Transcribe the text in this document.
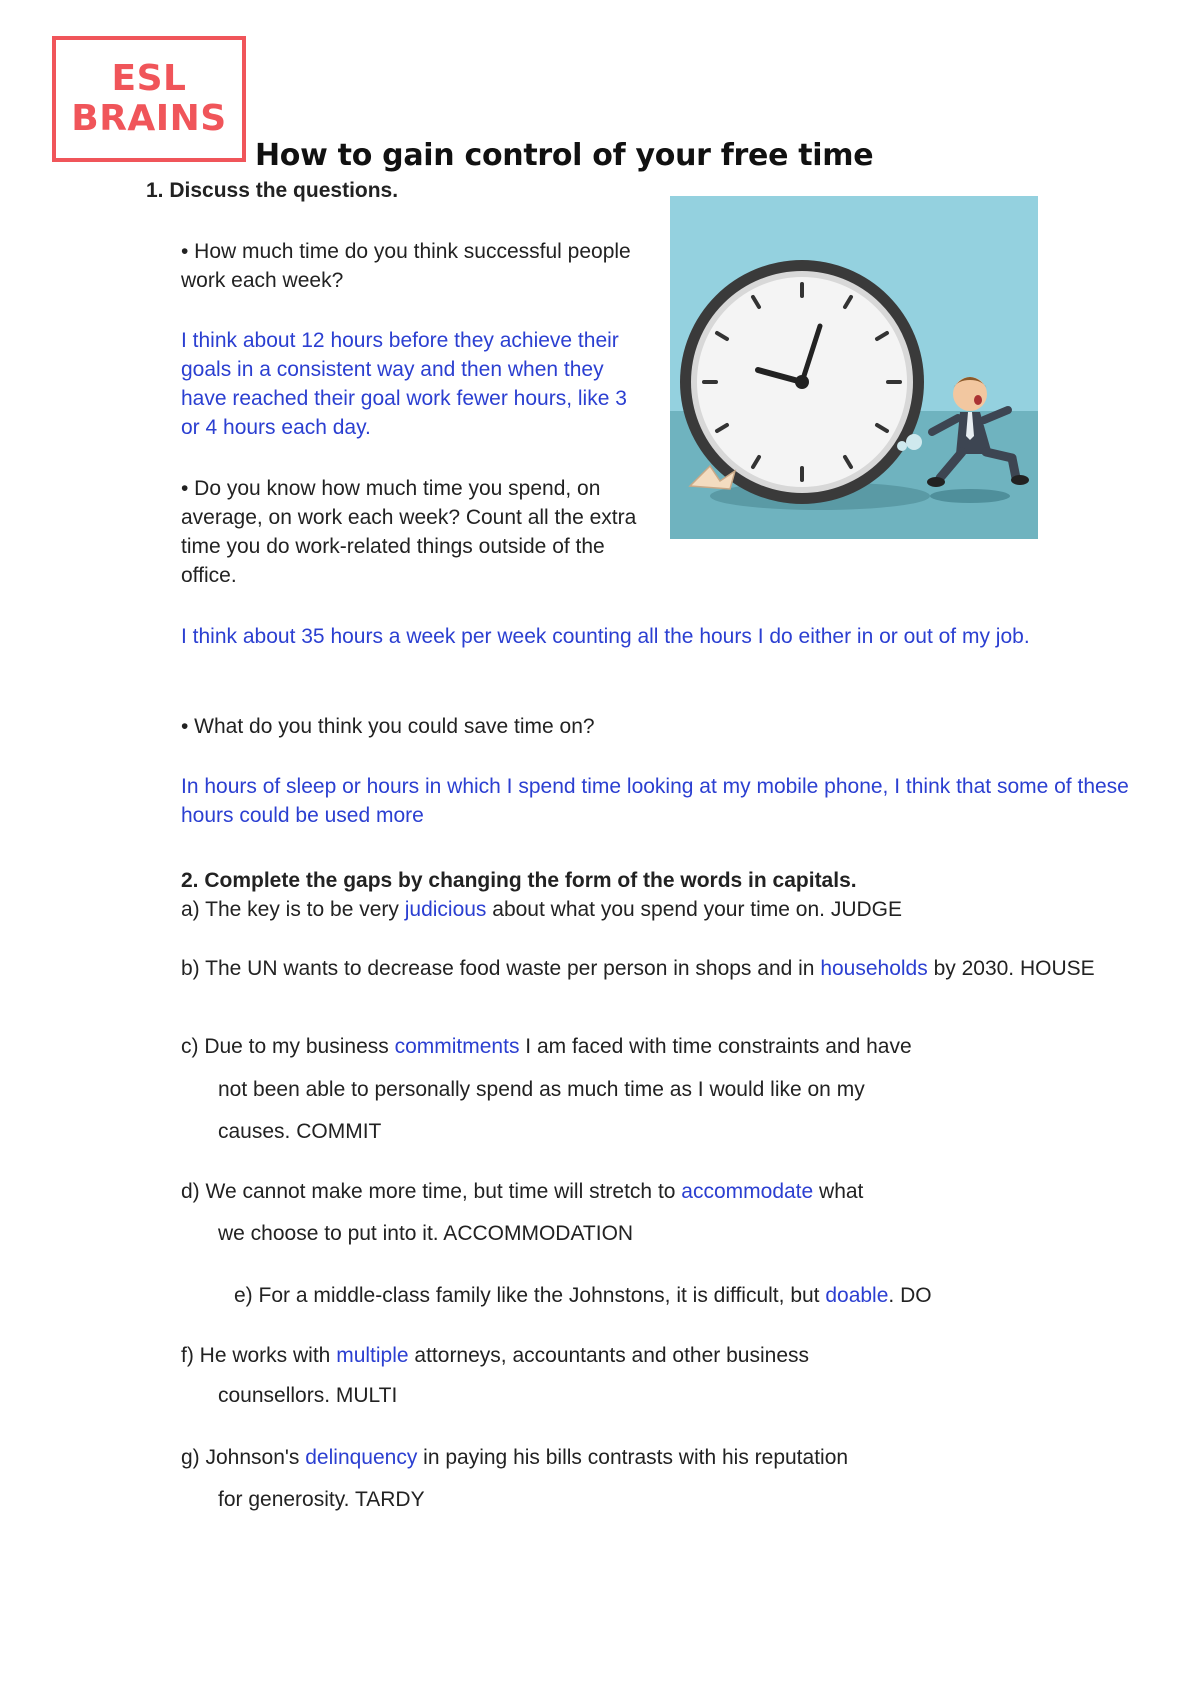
ESL
BRAINS
How to gain control of your free time
1. Discuss the questions.
• How much time do you think successful people work each week?
I think about 12 hours before they achieve their goals in a consistent way and then when they have reached their goal work fewer hours, like 3 or 4 hours each day.
• Do you know how much time you spend, on average, on work each week? Count all the extra time you do work-related things outside of the office.
I think about 35 hours a week per week counting all the hours I do either in or out of my job.
• What do you think you could save time on?
In hours of sleep or hours in which I spend time looking at my mobile phone, I think that some of these hours could be used more
2. Complete the gaps by changing the form of the words in capitals.
a) The key is to be very judicious about what you spend your time on. JUDGE
b) The UN wants to decrease food waste per person in shops and in households by 2030. HOUSE
c) Due to my business commitments I am faced with time constraints and have
not been able to personally spend as much time as I would like on my
causes. COMMIT
d) We cannot make more time, but time will stretch to accommodate what
we choose to put into it. ACCOMMODATION
e) For a middle-class family like the Johnstons, it is difficult, but doable. DO
f) He works with multiple attorneys, accountants and other business
counsellors. MULTI
g) Johnson's delinquency in paying his bills contrasts with his reputation
for generosity. TARDY
